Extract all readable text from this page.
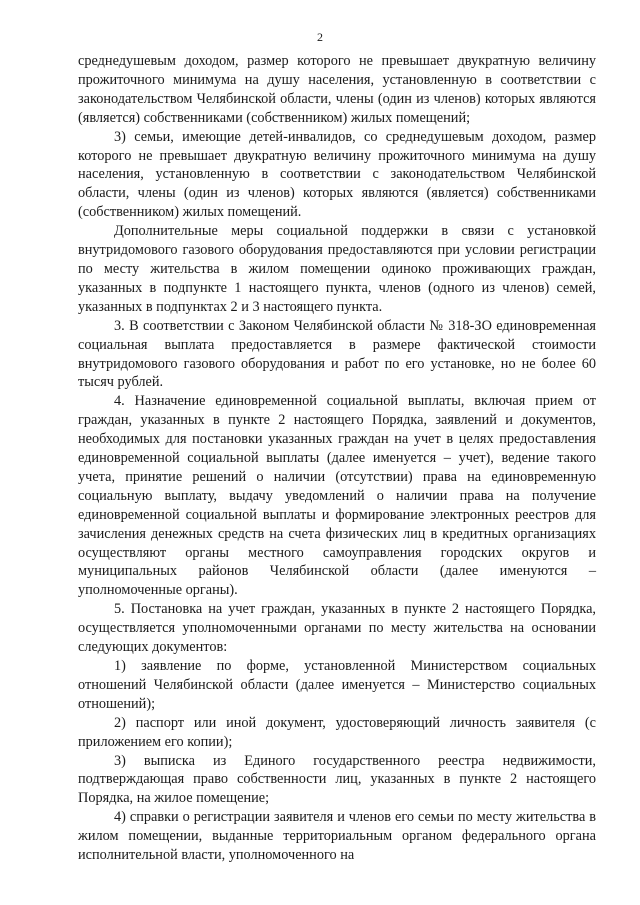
2

среднедушевым доходом, размер которого не превышает двукратную величину прожиточного минимума на душу населения, установленную в соответствии с законодательством Челябинской области, члены (один из членов) которых являются (является) собственниками (собственником) жилых помещений;

3) семьи, имеющие детей-инвалидов, со среднедушевым доходом, размер которого не превышает двукратную величину прожиточного минимума на душу населения, установленную в соответствии с законодательством Челябинской области, члены (один из членов) которых являются (является) собственниками (собственником) жилых помещений.

Дополнительные меры социальной поддержки в связи с установкой внутридомового газового оборудования предоставляются при условии регистрации по месту жительства в жилом помещении одиноко проживающих граждан, указанных в подпункте 1 настоящего пункта, членов (одного из членов) семей, указанных в подпунктах 2 и 3 настоящего пункта.

3. В соответствии с Законом Челябинской области № 318-ЗО единовременная социальная выплата предоставляется в размере фактической стоимости внутридомового газового оборудования и работ по его установке, но не более 60 тысяч рублей.

4. Назначение единовременной социальной выплаты, включая прием от граждан, указанных в пункте 2 настоящего Порядка, заявлений и документов, необходимых для постановки указанных граждан на учет в целях предоставления единовременной социальной выплаты (далее именуется – учет), ведение такого учета, принятие решений о наличии (отсутствии) права на единовременную социальную выплату, выдачу уведомлений о наличии права на получение единовременной социальной выплаты и формирование электронных реестров для зачисления денежных средств на счета физических лиц в кредитных организациях осуществляют органы местного самоуправления городских округов и муниципальных районов Челябинской области (далее именуются – уполномоченные органы).

5. Постановка на учет граждан, указанных в пункте 2 настоящего Порядка, осуществляется уполномоченными органами по месту жительства на основании следующих документов:

1) заявление по форме, установленной Министерством социальных отношений Челябинской области (далее именуется – Министерство социальных отношений);

2) паспорт или иной документ, удостоверяющий личность заявителя (с приложением его копии);

3) выписка из Единого государственного реестра недвижимости, подтверждающая право собственности лиц, указанных в пункте 2 настоящего Порядка, на жилое помещение;

4) справки о регистрации заявителя и членов его семьи по месту жительства в жилом помещении, выданные территориальным органом федерального органа исполнительной власти, уполномоченного на
